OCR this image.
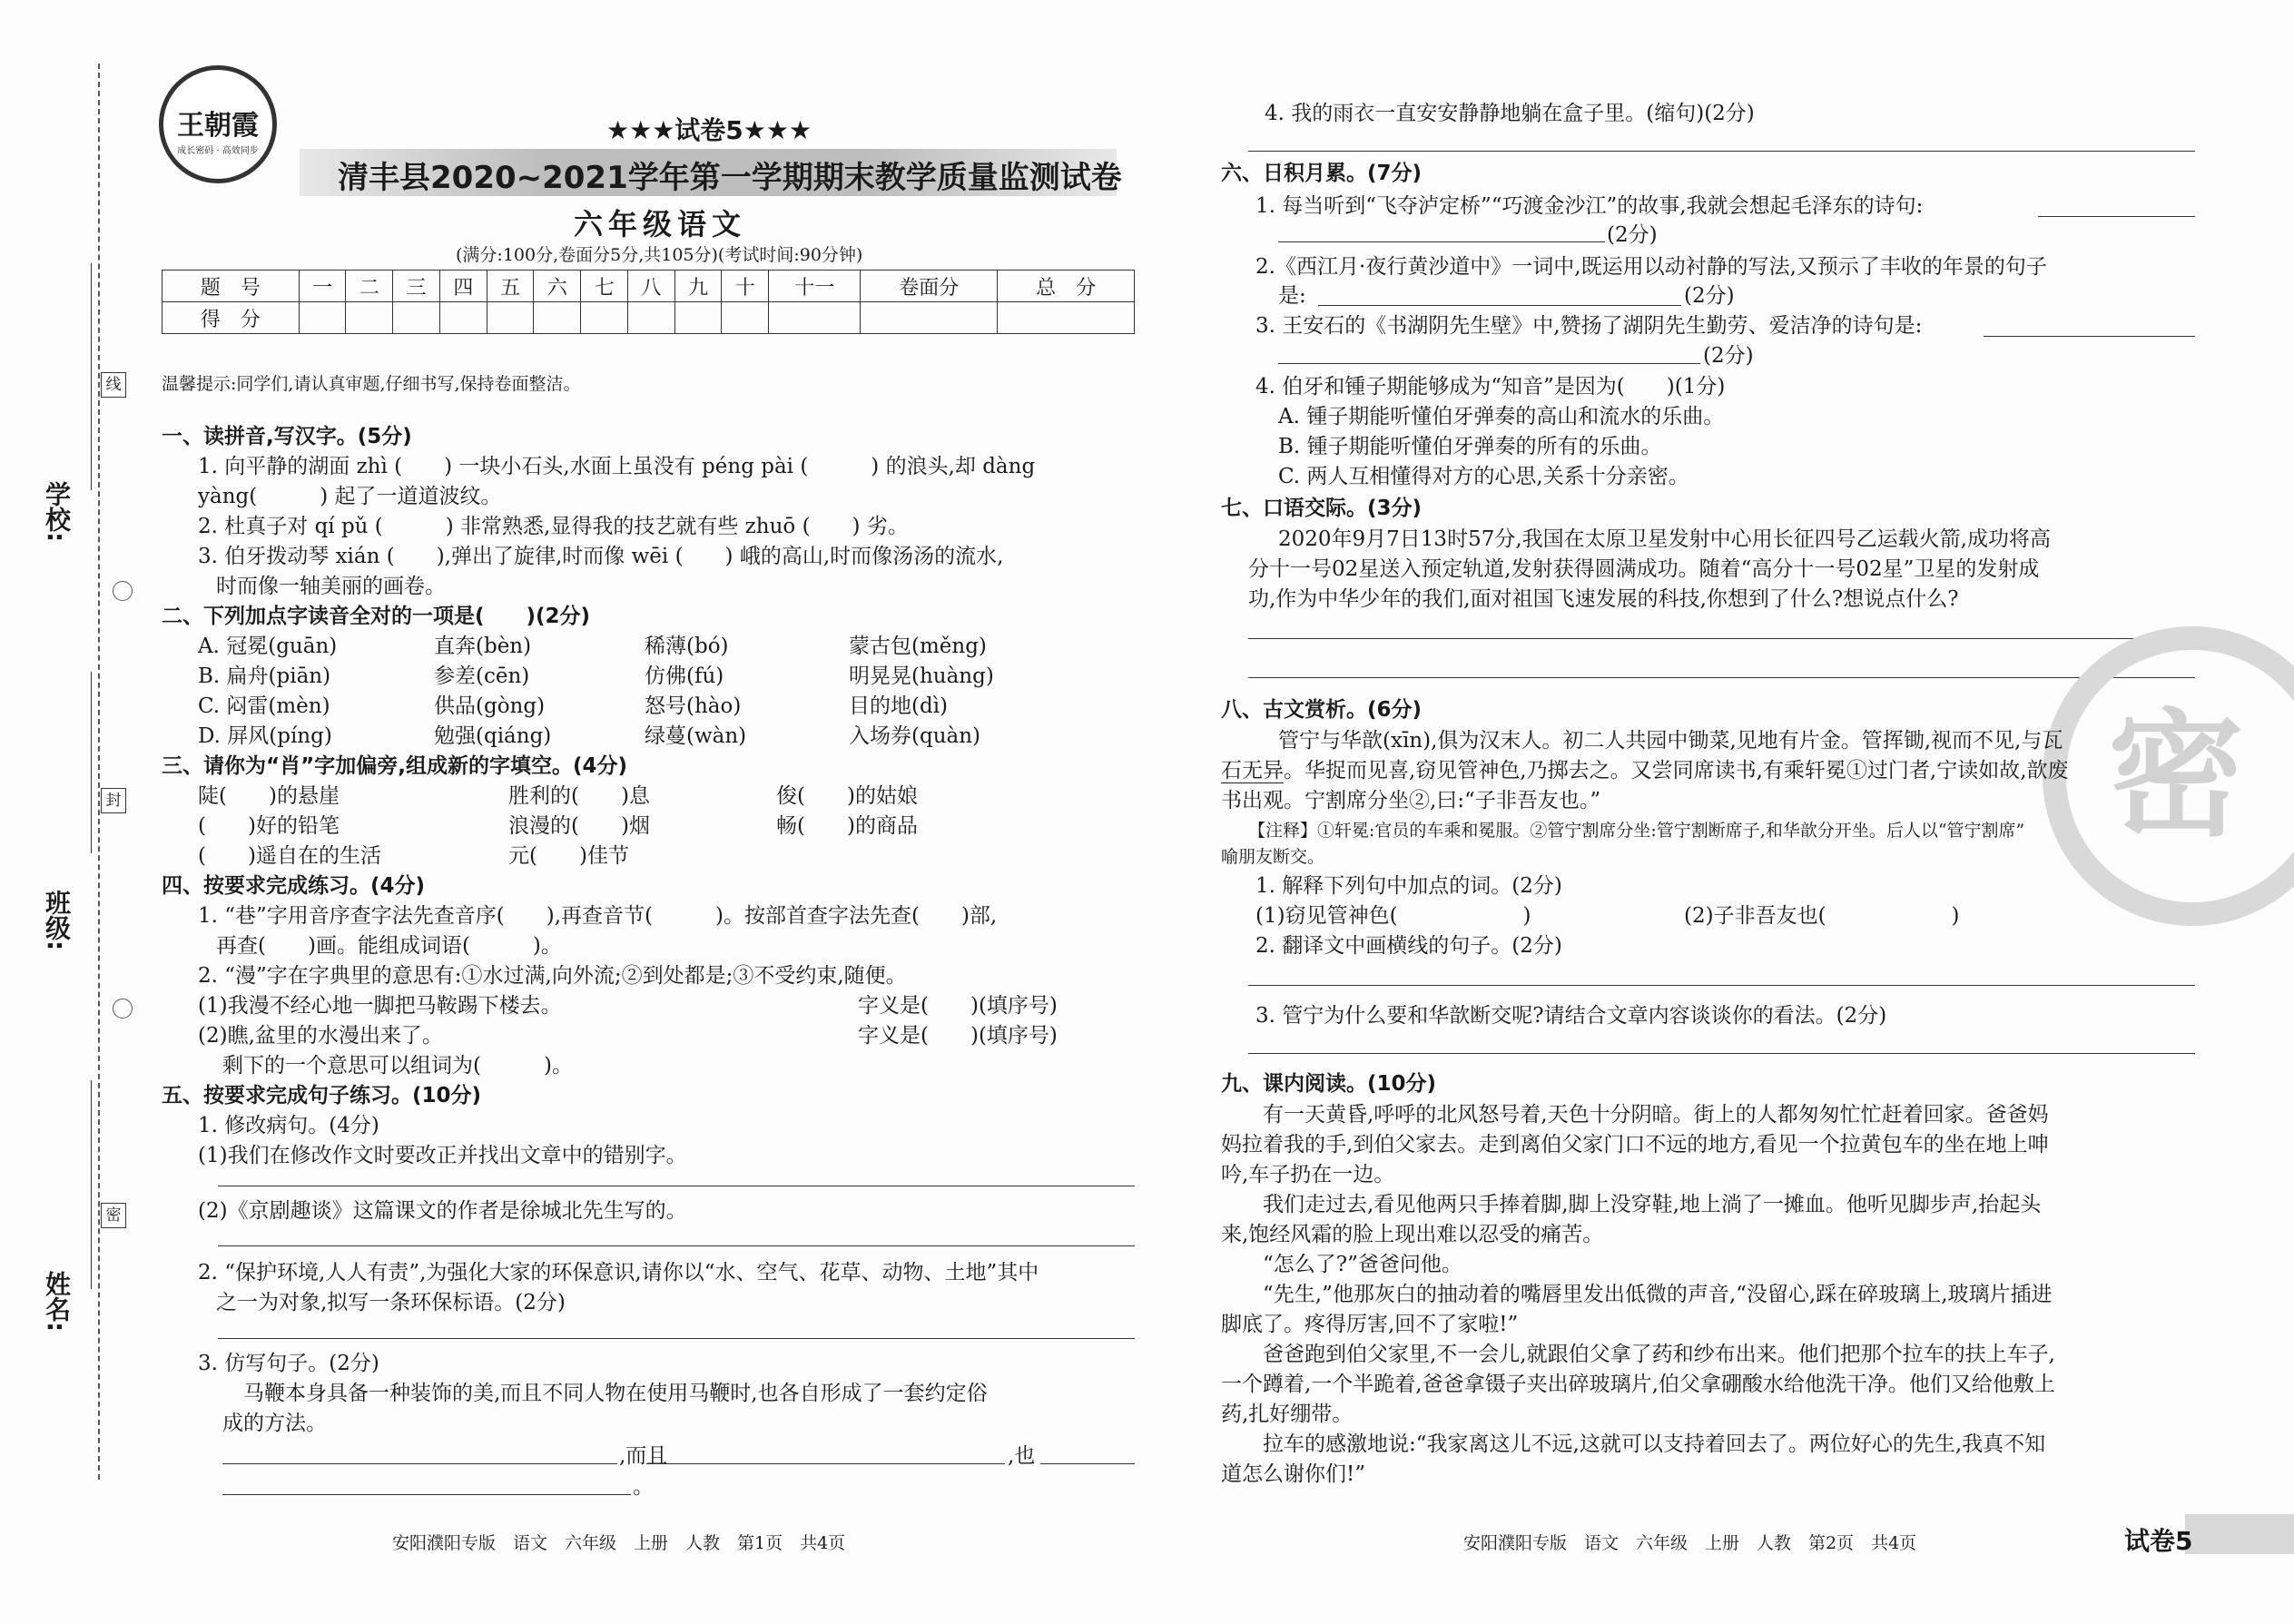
学校:
班级:
姓名:
线
封
密
王朝霞
成长密码 · 高效同步
★★★试卷5★★★
清丰县2020~2021学年第一学期期末教学质量监测试卷
六年级语文
(满分:100分,卷面分5分,共105分)(考试时间:90分钟)
题　号	一	二	三	四	五	六	七	八	九	十	十一	卷面分	总　分
得　分													
温馨提示:同学们,请认真审题,仔细书写,保持卷面整洁。
一、读拼音,写汉字。(5分)
1. 向平静的湖面 zhì (　　) 一块小石头,水面上虽没有 péng pài (　　　) 的浪头,却 dàng
yàng(　　　) 起了一道道波纹。
2. 杜真子对 qí pǔ (　　　) 非常熟悉,显得我的技艺就有些 zhuō (　　) 劣。
3. 伯牙拨动琴 xián (　　),弹出了旋律,时而像 wēi (　　) 峨的高山,时而像汤汤的流水,
时而像一轴美丽的画卷。
二、下列加点字读音全对的一项是(　　)(2分)
A. 冠冕(guān)	直奔(bèn)	稀薄(bó)	蒙古包(měng)
B. 扁舟(piān)	参差(cēn)	仿佛(fú)	明晃晃(huàng)
C. 闷雷(mèn)	供品(gòng)	怒号(hào)	目的地(dì)
D. 屏风(píng)	勉强(qiáng)	绿蔓(wàn)	入场券(quàn)
三、请你为“肖”字加偏旁,组成新的字填空。(4分)
陡(　　)的悬崖	胜利的(　　)息	俊(　　)的姑娘
(　　)好的铅笔	浪漫的(　　)烟	畅(　　)的商品
(　　)遥自在的生活	元(　　)佳节
四、按要求完成练习。(4分)
1. “巷”字用音序查字法先查音序(　　),再查音节(　　　)。按部首查字法先查(　　)部,
再查(　　)画。能组成词语(　　　)。
2. “漫”字在字典里的意思有:①水过满,向外流;②到处都是;③不受约束,随便。
(1)我漫不经心地一脚把马鞍踢下楼去。	字义是(　　)(填序号)
(2)瞧,盆里的水漫出来了。	字义是(　　)(填序号)
剩下的一个意思可以组词为(　　　)。
五、按要求完成句子练习。(10分)
1. 修改病句。(4分)
(1)我们在修改作文时要改正并找出文章中的错别字。
(2)《京剧趣谈》这篇课文的作者是徐城北先生写的。
2. “保护环境,人人有责”,为强化大家的环保意识,请你以“水、空气、花草、动物、土地”其中
之一为对象,拟写一条环保标语。(2分)
3. 仿写句子。(2分)
马鞭本身具备一种装饰的美,而且不同人物在使用马鞭时,也各自形成了一套约定俗
成的方法。
,而且	,也
。
安阳濮阳专版　语文　六年级　上册　人教　第1页　共4页
4. 我的雨衣一直安安静静地躺在盒子里。(缩句)(2分)
六、日积月累。(7分)
1. 每当听到“飞夺泸定桥”“巧渡金沙江”的故事,我就会想起毛泽东的诗句:
(2分)
2.《西江月·夜行黄沙道中》一词中,既运用以动衬静的写法,又预示了丰收的年景的句子
是:	(2分)
3. 王安石的《书湖阴先生壁》中,赞扬了湖阴先生勤劳、爱洁净的诗句是:
(2分)
4. 伯牙和锺子期能够成为“知音”是因为(　　)(1分)
A. 锺子期能听懂伯牙弹奏的高山和流水的乐曲。
B. 锺子期能听懂伯牙弹奏的所有的乐曲。
C. 两人互相懂得对方的心思,关系十分亲密。
七、口语交际。(3分)
2020年9月7日13时57分,我国在太原卫星发射中心用长征四号乙运载火箭,成功将高
分十一号02星送入预定轨道,发射获得圆满成功。随着“高分十一号02星”卫星的发射成
功,作为中华少年的我们,面对祖国飞速发展的科技,你想到了什么?想说点什么?
密
八、古文赏析。(6分)
管宁与华歆(xīn),俱为汉末人。初二人共园中锄菜,见地有片金。管挥锄,视而不见,与瓦
石无异。华捉而见喜,窃见管神色,乃掷去之。又尝同席读书,有乘轩冕①过门者,宁读如故,歆废
书出观。宁割席分坐②,曰:“子非吾友也。”
【注释】①轩冕:官员的车乘和冕服。②管宁割席分坐:管宁割断席子,和华歆分开坐。后人以“管宁割席”
喻朋友断交。
1. 解释下列句中加点的词。(2分)
(1)窃见管神色(　　　　　　)	(2)子非吾友也(　　　　　　)
2. 翻译文中画横线的句子。(2分)
3. 管宁为什么要和华歆断交呢?请结合文章内容谈谈你的看法。(2分)
九、课内阅读。(10分)
　　有一天黄昏,呼呼的北风怒号着,天色十分阴暗。街上的人都匆匆忙忙赶着回家。爸爸妈
妈拉着我的手,到伯父家去。走到离伯父家门口不远的地方,看见一个拉黄包车的坐在地上呻
吟,车子扔在一边。
　　我们走过去,看见他两只手捧着脚,脚上没穿鞋,地上淌了一摊血。他听见脚步声,抬起头
来,饱经风霜的脸上现出难以忍受的痛苦。
　　“怎么了?”爸爸问他。
　　“先生,”他那灰白的抽动着的嘴唇里发出低微的声音,“没留心,踩在碎玻璃上,玻璃片插进
脚底了。疼得厉害,回不了家啦!”
　　爸爸跑到伯父家里,不一会儿,就跟伯父拿了药和纱布出来。他们把那个拉车的扶上车子,
一个蹲着,一个半跪着,爸爸拿镊子夹出碎玻璃片,伯父拿硼酸水给他洗干净。他们又给他敷上
药,扎好绷带。
　　拉车的感激地说:“我家离这儿不远,这就可以支持着回去了。两位好心的先生,我真不知
道怎么谢你们!”
安阳濮阳专版　语文　六年级　上册　人教　第2页　共4页	试卷5
